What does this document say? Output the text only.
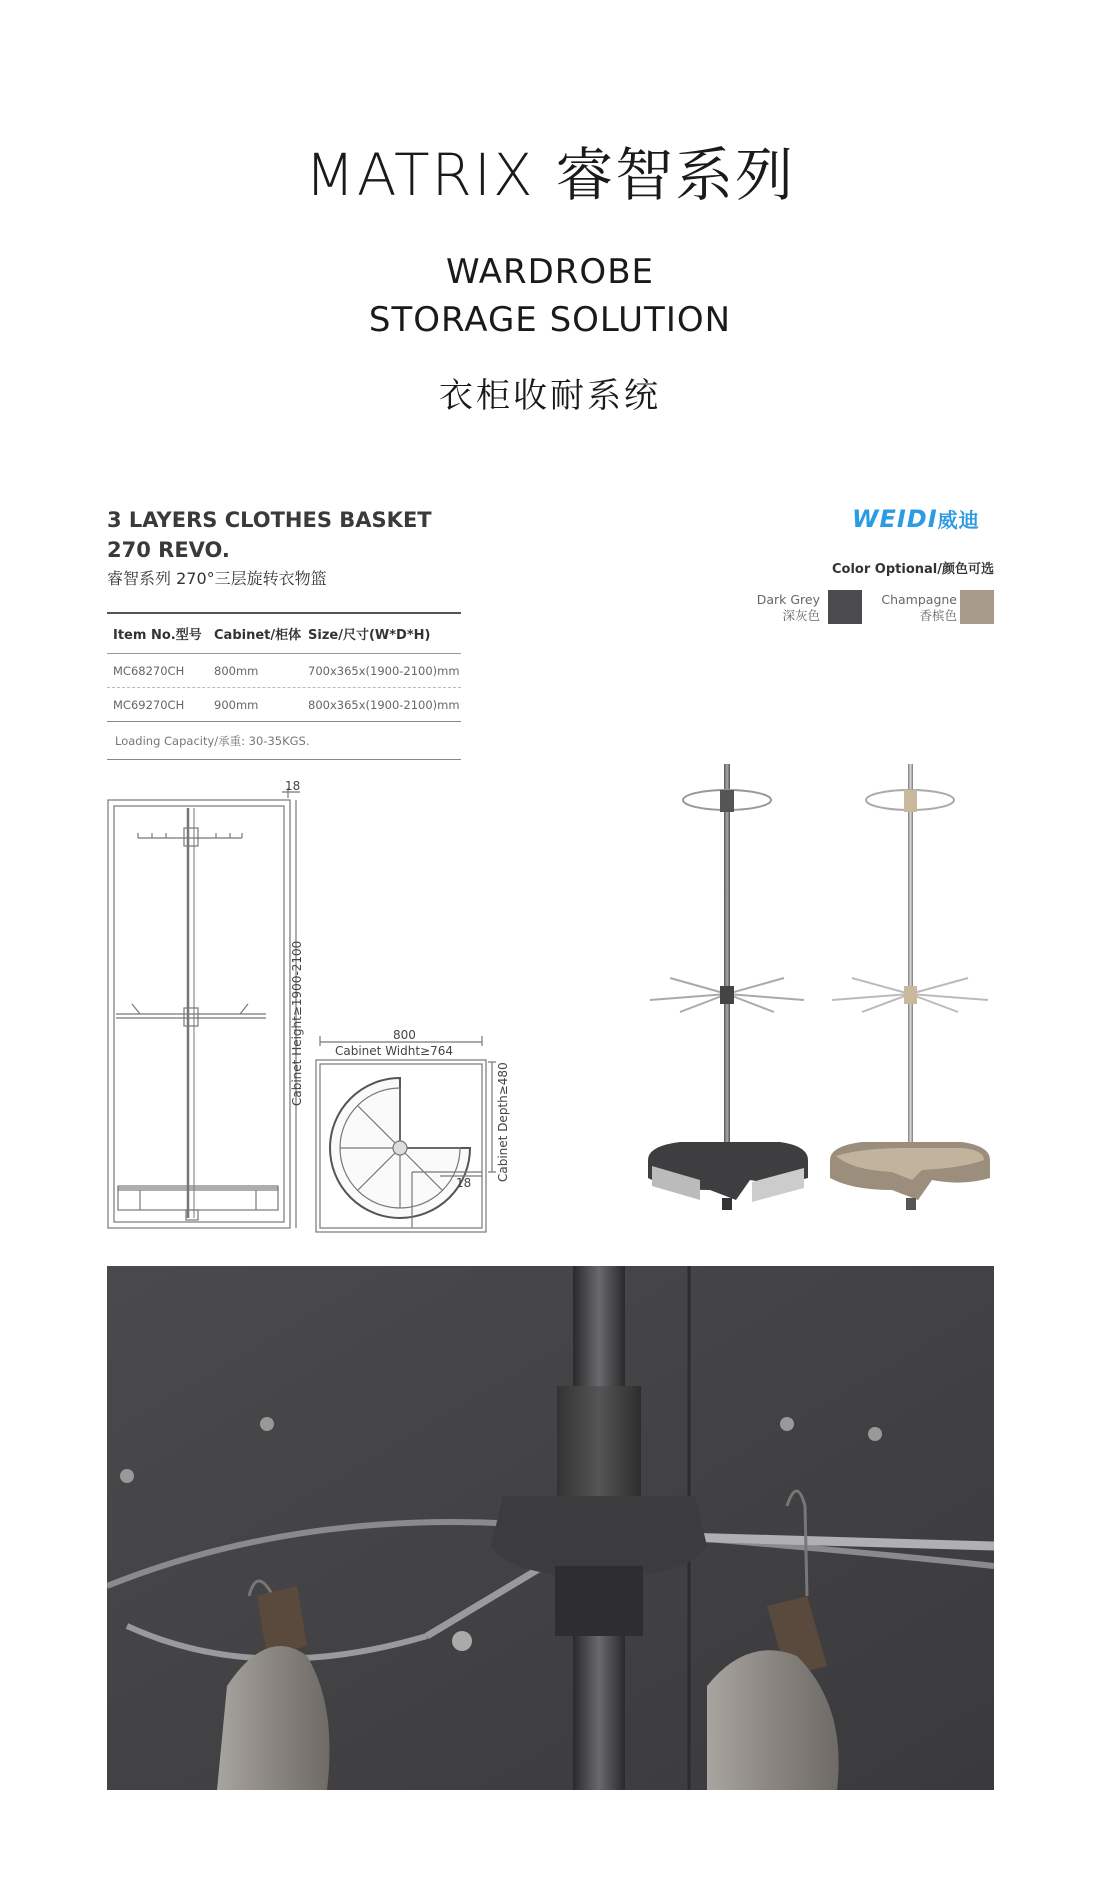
MATRIX 睿智系列
WARDROBE
STORAGE SOLUTION
衣柜收耐系统
3 LAYERS CLOTHES BASKET
270 REVO.
睿智系列 270°三层旋转衣物篮
Item No.型号 Cabinet/柜体 Size/尺寸(W*D*H)
MC68270CH	800mm	700x365x(1900-2100)mm
MC69270CH	900mm	800x365x(1900-2100)mm
Loading Capacity/承重: 30-35KGS.
WEIDI威迪
Color Optional/颜色可选
Dark Grey
深灰色
Champagne
香槟色
18
Cabinet Height≥1900-2100	800
Cabinet Widht≥764
Cabinet Depth≥480
18
